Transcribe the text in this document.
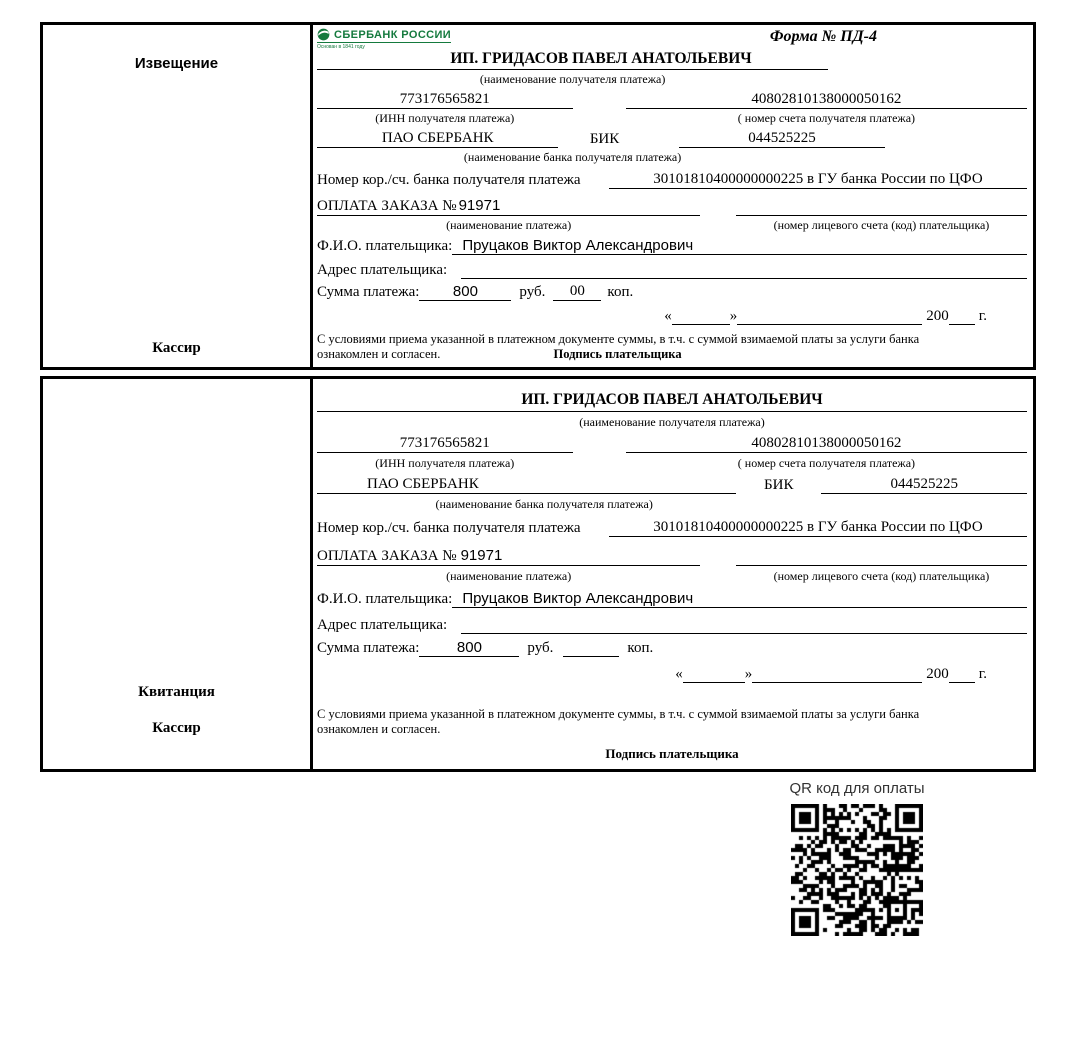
Извещение
Кассир
СБЕРБАНК РОССИИ
Основан в 1841 году
Форма № ПД-4
ИП. ГРИДАСОВ ПАВЕЛ АНАТОЛЬЕВИЧ
(наименование получателя платежа)
773176565821	40802810138000050162
(ИНН получателя платежа)	( номер счета получателя платежа)
ПАО СБЕРБАНК	БИК	044525225
(наименование банка получателя платежа)
Номер кор./сч. банка получателя платежа	30101810400000000225 в ГУ банка России по ЦФО
ОПЛАТА ЗАКАЗА № 91971
(наименование платежа)	(номер лицевого счета (код) плательщика)
Ф.И.О. плательщика: Пруцаков Виктор Александрович
Адрес плательщика:
Сумма платежа:	800	руб.	00	коп.
«	»	200 г.
С условиями приема указанной в платежном документе суммы, в т.ч. с суммой взимаемой платы за услуги банка
ознакомлен и согласен.	Подпись плательщика
Квитанция
Кассир
ИП. ГРИДАСОВ ПАВЕЛ АНАТОЛЬЕВИЧ
(наименование получателя платежа)
773176565821	40802810138000050162
(ИНН получателя платежа)	( номер счета получателя платежа)
ПАО СБЕРБАНК	БИК	044525225
(наименование банка получателя платежа)
Номер кор./сч. банка получателя платежа	30101810400000000225 в ГУ банка России по ЦФО
ОПЛАТА ЗАКАЗА № 91971
(наименование платежа)	(номер лицевого счета (код) плательщика)
Ф.И.О. плательщика: Пруцаков Виктор Александрович
Адрес плательщика:
Сумма платежа:	800	руб.	коп.
«	»	200 г.
С условиями приема указанной в платежном документе суммы, в т.ч. с суммой взимаемой платы за услуги банка
ознакомлен и согласен.
Подпись плательщика
QR код для оплаты
